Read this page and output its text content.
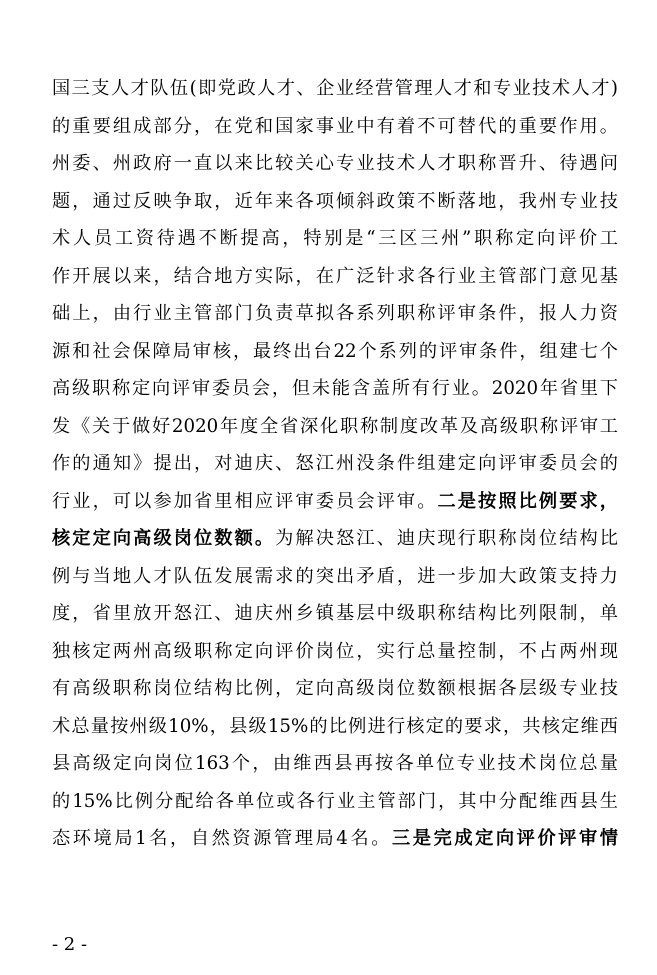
国三支人才队伍(即党政人才、企业经营管理人才和专业技术人才)
的重要组成部分，在党和国家事业中有着不可替代的重要作用。
州委、州政府一直以来比较关心专业技术人才职称晋升、待遇问
题，通过反映争取，近年来各项倾斜政策不断落地，我州专业技
术人员工资待遇不断提高，特别是“三区三州”职称定向评价工
作开展以来，结合地方实际，在广泛针求各行业主管部门意见基
础上，由行业主管部门负责草拟各系列职称评审条件，报人力资
源和社会保障局审核，最终出台22个系列的评审条件，组建七个
高级职称定向评审委员会，但未能含盖所有行业。2020年省里下
发《关于做好2020年度全省深化职称制度改革及高级职称评审工
作的通知》提出，对迪庆、怒江州没条件组建定向评审委员会的
行业，可以参加省里相应评审委员会评审。二是按照比例要求，
核定定向高级岗位数额。为解决怒江、迪庆现行职称岗位结构比
例与当地人才队伍发展需求的突出矛盾，进一步加大政策支持力
度，省里放开怒江、迪庆州乡镇基层中级职称结构比列限制，单
独核定两州高级职称定向评价岗位，实行总量控制，不占两州现
有高级职称岗位结构比例，定向高级岗位数额根据各层级专业技
术总量按州级10%，县级15%的比例进行核定的要求，共核定维西
县高级定向岗位163个，由维西县再按各单位专业技术岗位总量
的15%比例分配给各单位或各行业主管部门，其中分配维西县生
态环境局1名，自然资源管理局4名。三是完成定向评价评审情
- 2 -
